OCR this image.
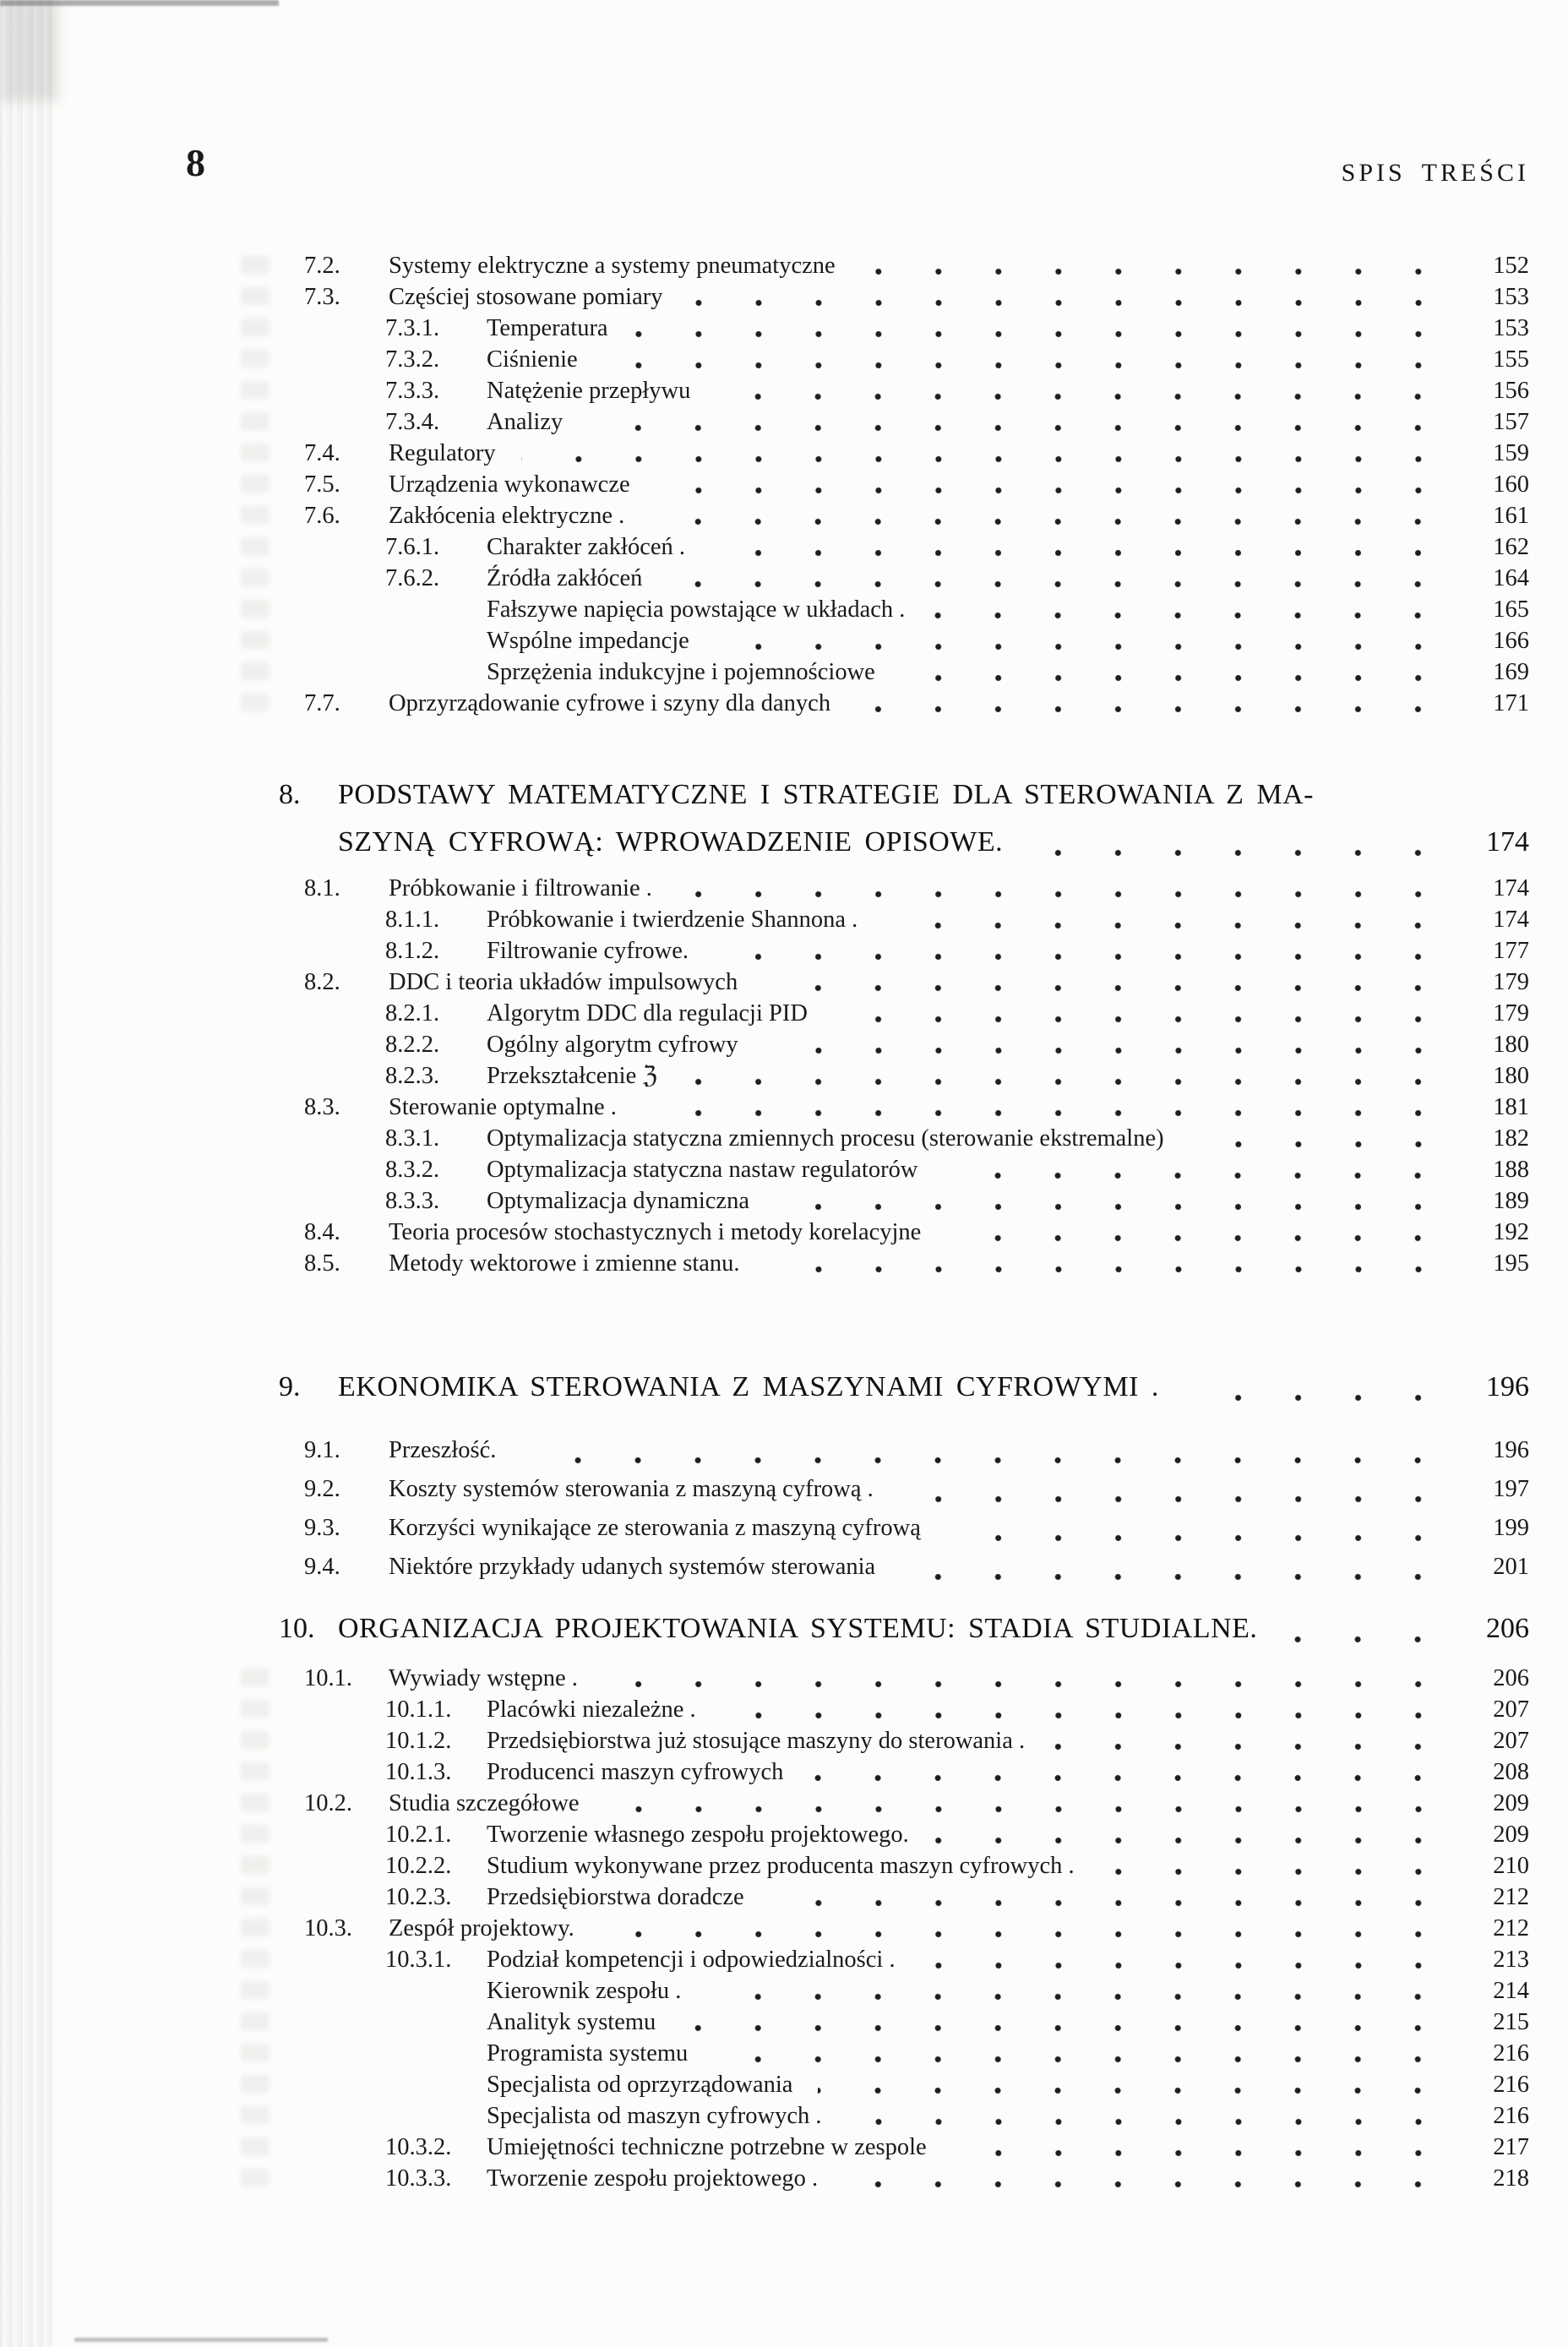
8	SPIS TREŚCI
7.2.	Systemy elektryczne a systemy pneumatyczne	152
7.3.	Częściej stosowane pomiary	153
7.3.1.	Temperatura	153
7.3.2.	Ciśnienie	155
7.3.3.	Natężenie przepływu	156
7.3.4.	Analizy	157
7.4.	Regulatory	159
7.5.	Urządzenia wykonawcze	160
7.6.	Zakłócenia elektryczne .	161
7.6.1.	Charakter zakłóceń .	162
7.6.2.	Źródła zakłóceń	164
Fałszywe napięcia powstające w układach .	165
Wspólne impedancje	166
Sprzężenia indukcyjne i pojemnościowe	169
7.7.	Oprzyrządowanie cyfrowe i szyny dla danych	171
8.	PODSTAWY MATEMATYCZNE I STRATEGIE DLA STEROWANIA Z MA-
SZYNĄ CYFROWĄ: WPROWADZENIE OPISOWE.	174
8.1.	Próbkowanie i filtrowanie .	174
8.1.1.	Próbkowanie i twierdzenie Shannona .	174
8.1.2.	Filtrowanie cyfrowe.	177
8.2.	DDC i teoria układów impulsowych	179
8.2.1.	Algorytm DDC dla regulacji PID	179
8.2.2.	Ogólny algorytm cyfrowy	180
8.2.3.	Przekształcenie ℨ	180
8.3.	Sterowanie optymalne .	181
8.3.1.	Optymalizacja statyczna zmiennych procesu (sterowanie ekstremalne)	182
8.3.2.	Optymalizacja statyczna nastaw regulatorów	188
8.3.3.	Optymalizacja dynamiczna	189
8.4.	Teoria procesów stochastycznych i metody korelacyjne	192
8.5.	Metody wektorowe i zmienne stanu.	195
9.	EKONOMIKA STEROWANIA Z MASZYNAMI CYFROWYMI .	196
9.1.	Przeszłość.	196
9.2.	Koszty systemów sterowania z maszyną cyfrową .	197
9.3.	Korzyści wynikające ze sterowania z maszyną cyfrową	199
9.4.	Niektóre przykłady udanych systemów sterowania	201
10. ORGANIZACJA PROJEKTOWANIA SYSTEMU: STADIA STUDIALNE.	206
10.1.	Wywiady wstępne .	206
10.1.1.	Placówki niezależne .	207
10.1.2.	Przedsiębiorstwa już stosujące maszyny do sterowania .	207
10.1.3.	Producenci maszyn cyfrowych	208
10.2.	Studia szczegółowe	209
10.2.1.	Tworzenie własnego zespołu projektowego.	209
10.2.2.	Studium wykonywane przez producenta maszyn cyfrowych .	210
10.2.3.	Przedsiębiorstwa doradcze	212
10.3.	Zespół projektowy.	212
10.3.1.	Podział kompetencji i odpowiedzialności .	213
Kierownik zespołu .	214
Analityk systemu	215
Programista systemu	216
Specjalista od oprzyrządowania	216
Specjalista od maszyn cyfrowych .	216
10.3.2.	Umiejętności techniczne potrzebne w zespole	217
10.3.3.	Tworzenie zespołu projektowego .	218
